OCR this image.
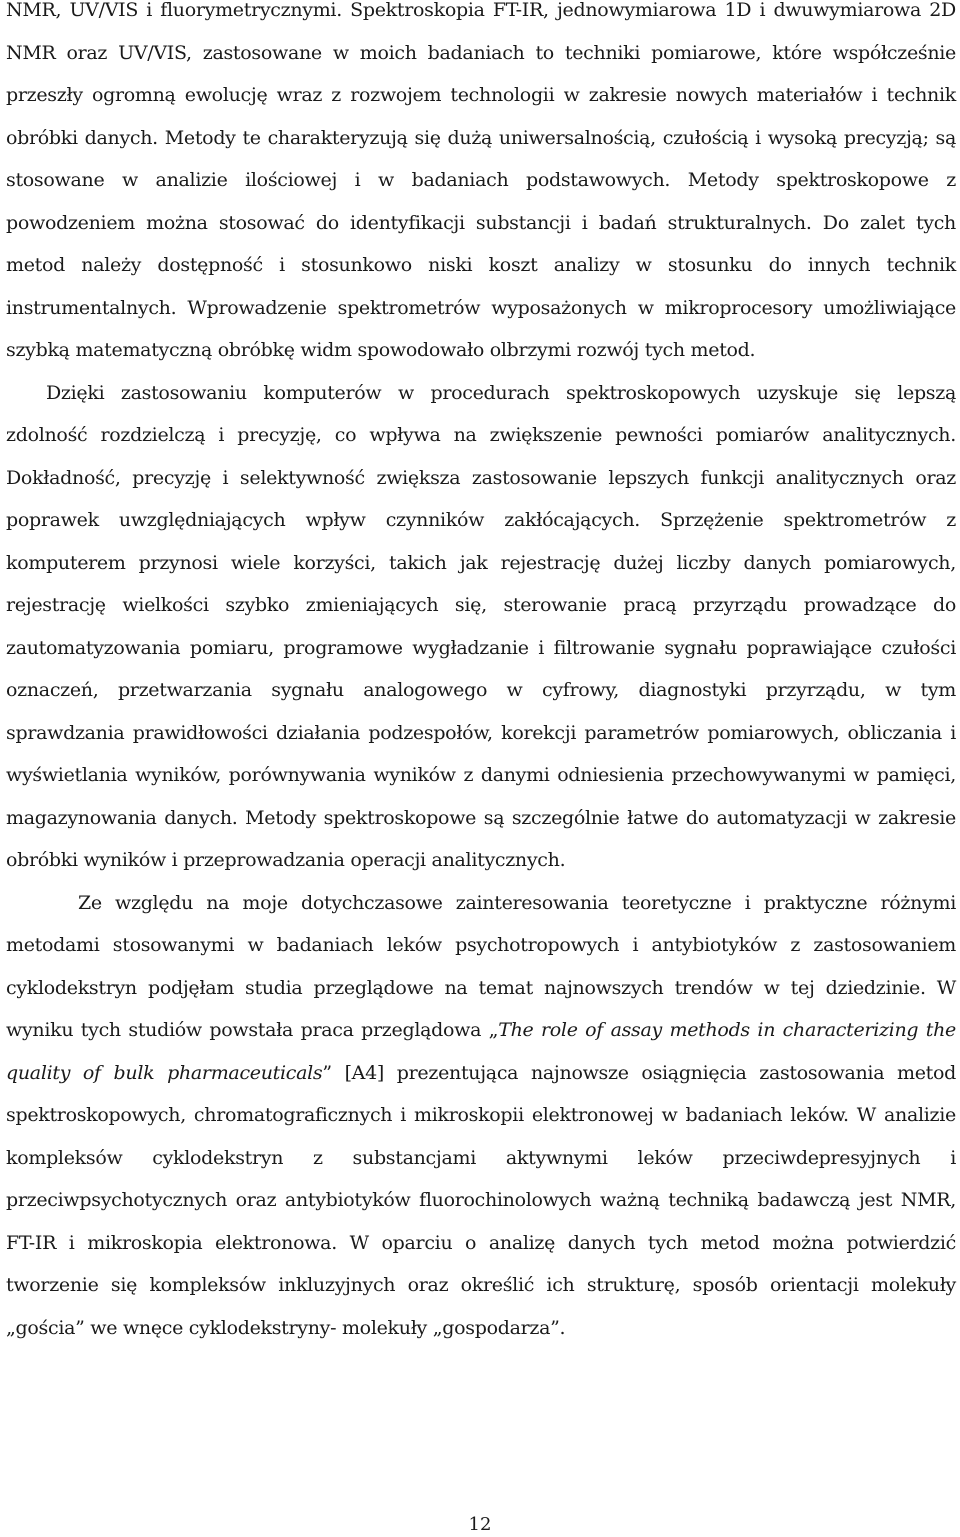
NMR, UV/VIS i fluorymetrycznymi. Spektroskopia FT-IR, jednowymiarowa 1D i dwuwymiarowa 2D NMR oraz UV/VIS, zastosowane w moich badaniach to techniki pomiarowe, które współcześnie przeszły ogromną ewolucję wraz z rozwojem technologii w zakresie nowych materiałów i technik obróbki danych. Metody te charakteryzują się dużą uniwersalnością, czułością i wysoką precyzją; są stosowane w analizie ilościowej i w badaniach podstawowych. Metody spektroskopowe z powodzeniem można stosować do identyfikacji substancji i badań strukturalnych. Do zalet tych metod należy dostępność i stosunkowo niski koszt analizy w stosunku do innych technik instrumentalnych. Wprowadzenie spektrometrów wyposażonych w mikroprocesory umożliwiające szybką matematyczną obróbkę widm spowodowało olbrzymi rozwój tych metod.

Dzięki zastosowaniu komputerów w procedurach spektroskopowych uzyskuje się lepszą zdolność rozdzielczą i precyzję, co wpływa na zwiększenie pewności pomiarów analitycznych. Dokładność, precyzję i selektywność zwiększa zastosowanie lepszych funkcji analitycznych oraz poprawek uwzględniających wpływ czynników zakłócających. Sprzężenie spektrometrów z komputerem przynosi wiele korzyści, takich jak rejestrację dużej liczby danych pomiarowych, rejestrację wielkości szybko zmieniających się, sterowanie pracą przyrządu prowadzące do zautomatyzowania pomiaru, programowe wygładzanie i filtrowanie sygnału poprawiające czułości oznaczeń, przetwarzania sygnału analogowego w cyfrowy, diagnostyki przyrządu, w tym sprawdzania prawidłowości działania podzespołów, korekcji parametrów pomiarowych, obliczania i wyświetlania wyników, porównywania wyników z danymi odniesienia przechowywanymi w pamięci, magazynowania danych. Metody spektroskopowe są szczególnie łatwe do automatyzacji w zakresie obróbki wyników i przeprowadzania operacji analitycznych.

Ze względu na moje dotychczasowe zainteresowania teoretyczne i praktyczne różnymi metodami stosowanymi w badaniach leków psychotropowych i antybiotyków z zastosowaniem cyklodekstryn podjęłam studia przeglądowe na temat najnowszych trendów w tej dziedzinie. W wyniku tych studiów powstała praca przeglądowa „The role of assay methods in characterizing the quality of bulk pharmaceuticals” [A4] prezentująca najnowsze osiągnięcia zastosowania metod spektroskopowych, chromatograficznych i mikroskopii elektronowej w badaniach leków. W analizie kompleksów cyklodekstryn z substancjami aktywnymi leków przeciwdepresyjnych i przeciwpsychotycznych oraz antybiotyków fluorochinolowych ważną techniką badawczą jest NMR, FT-IR i mikroskopia elektronowa. W oparciu o analizę danych tych metod można potwierdzić tworzenie się kompleksów inkluzyjnych oraz określić ich strukturę, sposób orientacji molekuły „gościa” we wnęce cyklodekstryny- molekuły „gospodarza”.

12
